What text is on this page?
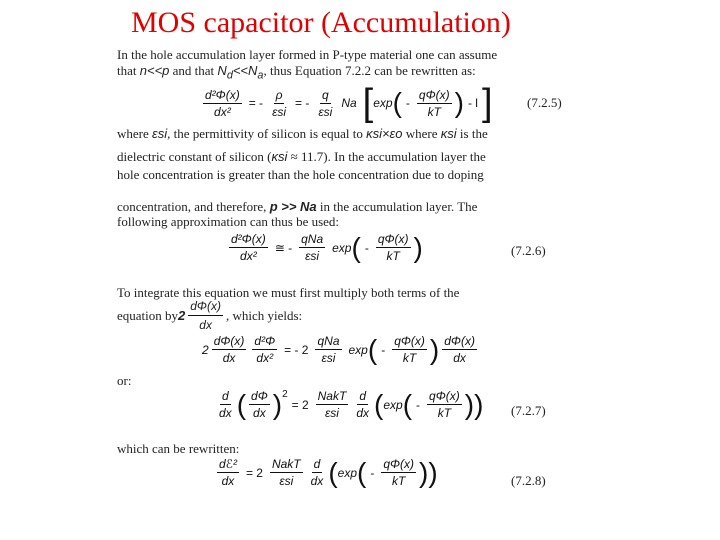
MOS capacitor (Accumulation)
In the hole accumulation layer formed in P-type material one can assume
that n<<p and that $N_d<<N_a$, thus Equation 7.2.2 can be rewritten as:
$\frac{\text{d²Φ(x)}}{\text{dx²}}$ = - $\frac{\rho}{\text{εsi}}$ = - $\frac{q}{\text{εsi}}$ Na [ exp ( - $\frac{q\Phi(x)}{kT}$ ) - l ]	(7.2.5)
where εsi, the permittivity of silicon is equal to κsi×εo where κsi is the
dielectric constant of silicon (κsi ≈ 11.7). In the accumulation layer the
hole concentration is greater than the hole concentration due to doping
concentration, and therefore, p >> Na in the accumulation layer. The
following approximation can thus be used:
$\frac{\text{d²Φ(x)}}{\text{dx²}}$ ≅ - $\frac{\text{qNa}}{\text{εsi}}$ exp ( - $\frac{q\Phi(x)}{kT}$ )	(7.2.6)
To integrate this equation we must first multiply both terms of the
equation by $2 \frac{d\Phi(x)}{dx}$ , which yields:
$2 \frac{d\Phi(x)}{dx} \frac{\text{d²Φ}}{\text{dx²}}$ = - $2 \frac{\text{qNa}}{\text{εsi}}$ exp ( - $\frac{q\Phi(x)}{kT}$ ) $\frac{d\Phi(x)}{dx}$
or:
$\frac{d}{dx}$ ( $\frac{d\Phi}{dx} )^2$
= $2 \frac{\text{NakT}}{\text{εsi}} \frac{d}{dx}$ ( exp ( - $\frac{q\Phi(x)}{kT}$ ) ) (7.2.7)
which can be rewritten:
$\frac{\text{dℰ²}}{dx} = 2 \frac{\text{NakT}}{\text{εsi}} \frac{d}{dx}$ ( exp ( - $\frac{q\Phi(x)}{kT}$ ) )	(7.2.8)
